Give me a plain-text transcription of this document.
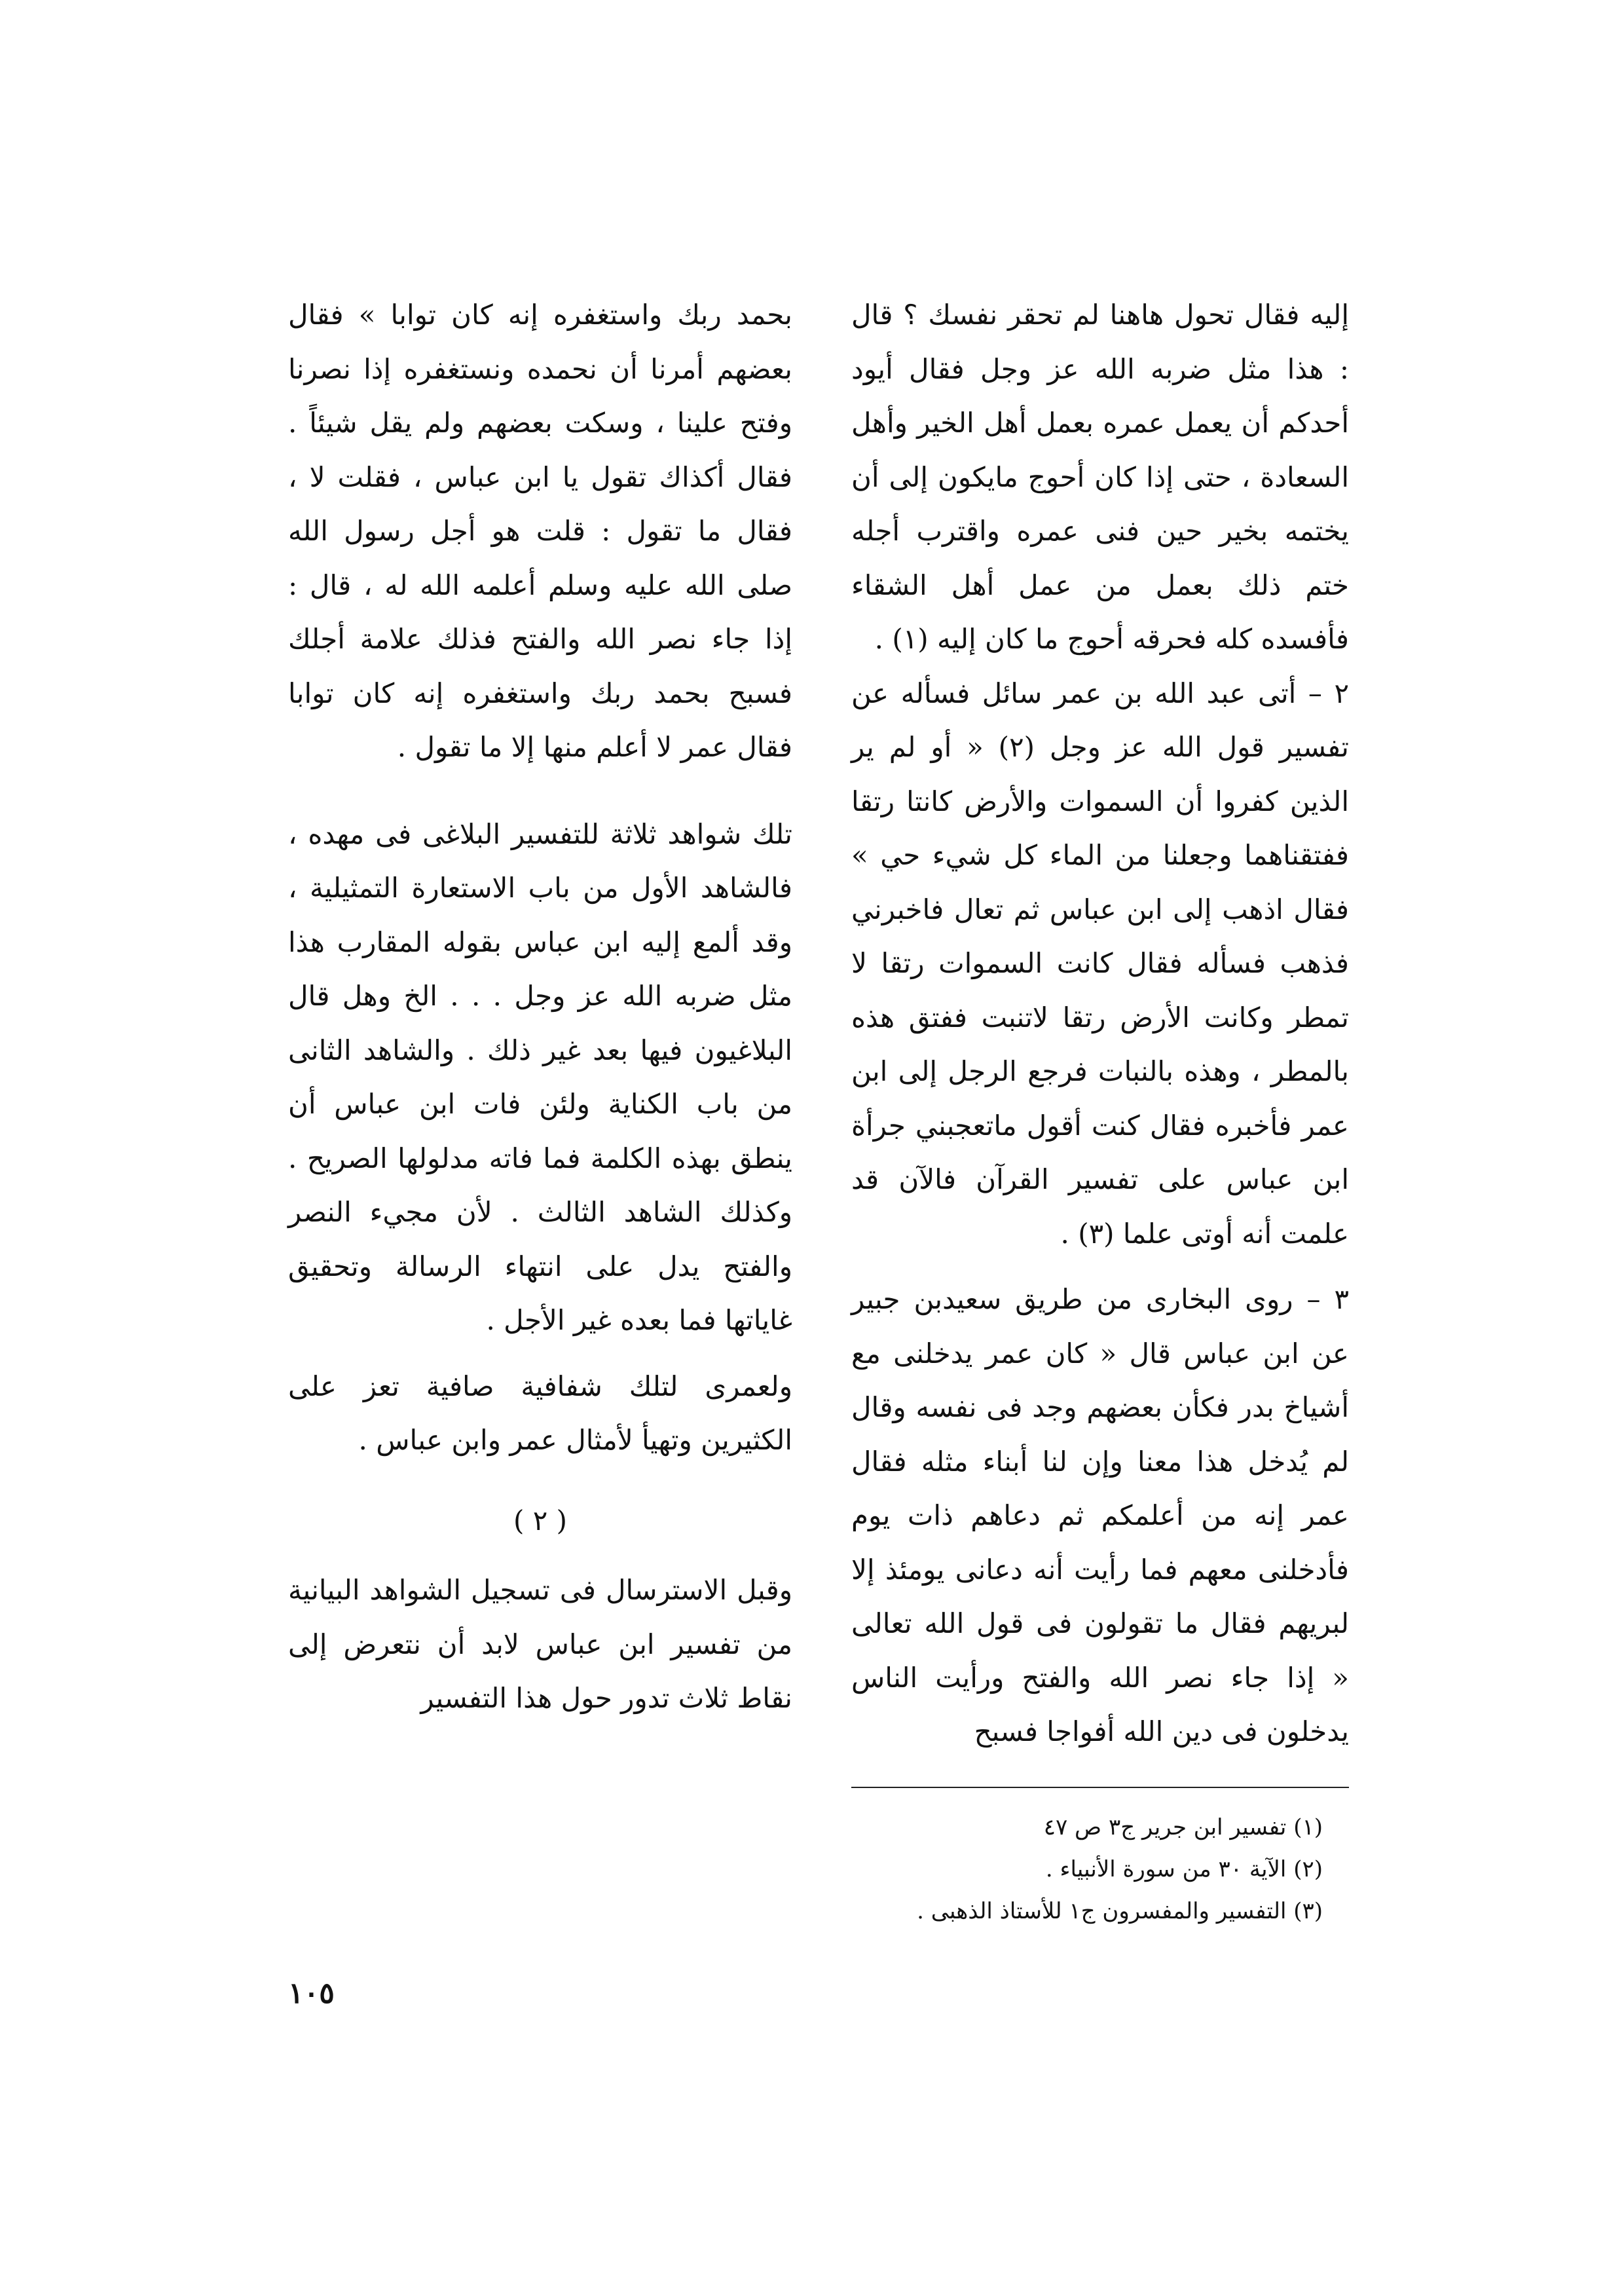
إليه فقال تحول هاهنا لم تحقر نفسك ؟ قال : هذا مثل ضربه الله عز وجل فقال أيود أحدكم أن يعمل عمره بعمل أهل الخير وأهل السعادة ، حتى إذا كان أحوج مايكون إلى أن يختمه بخير حين فنى عمره واقترب أجله ختم ذلك بعمل من عمل أهل الشقاء فأفسده كله فحرقه أحوج ما كان إليه (١) .

٢ – أتى عبد الله بن عمر سائل فسأله عن تفسير قول الله عز وجل (٢) « أو لم ير الذين كفروا أن السموات والأرض كانتا رتقا ففتقناهما وجعلنا من الماء كل شيء حي » فقال اذهب إلى ابن عباس ثم تعال فاخبرني فذهب فسأله فقال كانت السموات رتقا لا تمطر وكانت الأرض رتقا لاتنبت ففتق هذه بالمطر ، وهذه بالنبات فرجع الرجل إلى ابن عمر فأخبره فقال كنت أقول ماتعجبني جرأة ابن عباس على تفسير القرآن فالآن قد علمت أنه أوتى علما (٣) .

٣ – روى البخارى من طريق سعيدبن جبير عن ابن عباس قال « كان عمر يدخلنى مع أشياخ بدر فكأن بعضهم وجد فى نفسه وقال لم يُدخل هذا معنا وإن لنا أبناء مثله فقال عمر إنه من أعلمكم ثم دعاهم ذات يوم فأدخلنى معهم فما رأيت أنه دعانى يومئذ إلا لبريهم فقال ما تقولون فى قول الله تعالى « إذا جاء نصر الله والفتح ورأيت الناس يدخلون فى دين الله أفواجا فسبح

(١) تفسير ابن جرير ج٣ ص ٤٧

(٢) الآية ٣٠ من سورة الأنبياء .

(٣) التفسير والمفسرون ج١ للأستاذ الذهبى .

بحمد ربك واستغفره إنه كان توابا » فقال بعضهم أمرنا أن نحمده ونستغفره إذا نصرنا وفتح علينا ، وسكت بعضهم ولم يقل شيئاً . فقال أكذاك تقول يا ابن عباس ، فقلت لا ، فقال ما تقول : قلت هو أجل رسول الله صلى الله عليه وسلم أعلمه الله له ، قال : إذا جاء نصر الله والفتح فذلك علامة أجلك فسبح بحمد ربك واستغفره إنه كان توابا فقال عمر لا أعلم منها إلا ما تقول .

تلك شواهد ثلاثة للتفسير البلاغى فى مهده ، فالشاهد الأول من باب الاستعارة التمثيلية ، وقد ألمع إليه ابن عباس بقوله المقارب هذا مثل ضربه الله عز وجل . . . الخ وهل قال البلاغيون فيها بعد غير ذلك . والشاهد الثانى من باب الكناية ولئن فات ابن عباس أن ينطق بهذه الكلمة فما فاته مدلولها الصريح . وكذلك الشاهد الثالث . لأن مجيء النصر والفتح يدل على انتهاء الرسالة وتحقيق غاياتها فما بعده غير الأجل .

ولعمرى لتلك شفافية صافية تعز على الكثيرين وتهيأ لأمثال عمر وابن عباس .

( ٢ )

وقبل الاسترسال فى تسجيل الشواهد البيانية من تفسير ابن عباس لابد أن نتعرض إلى نقاط ثلاث تدور حول هذا التفسير

١٠٥
